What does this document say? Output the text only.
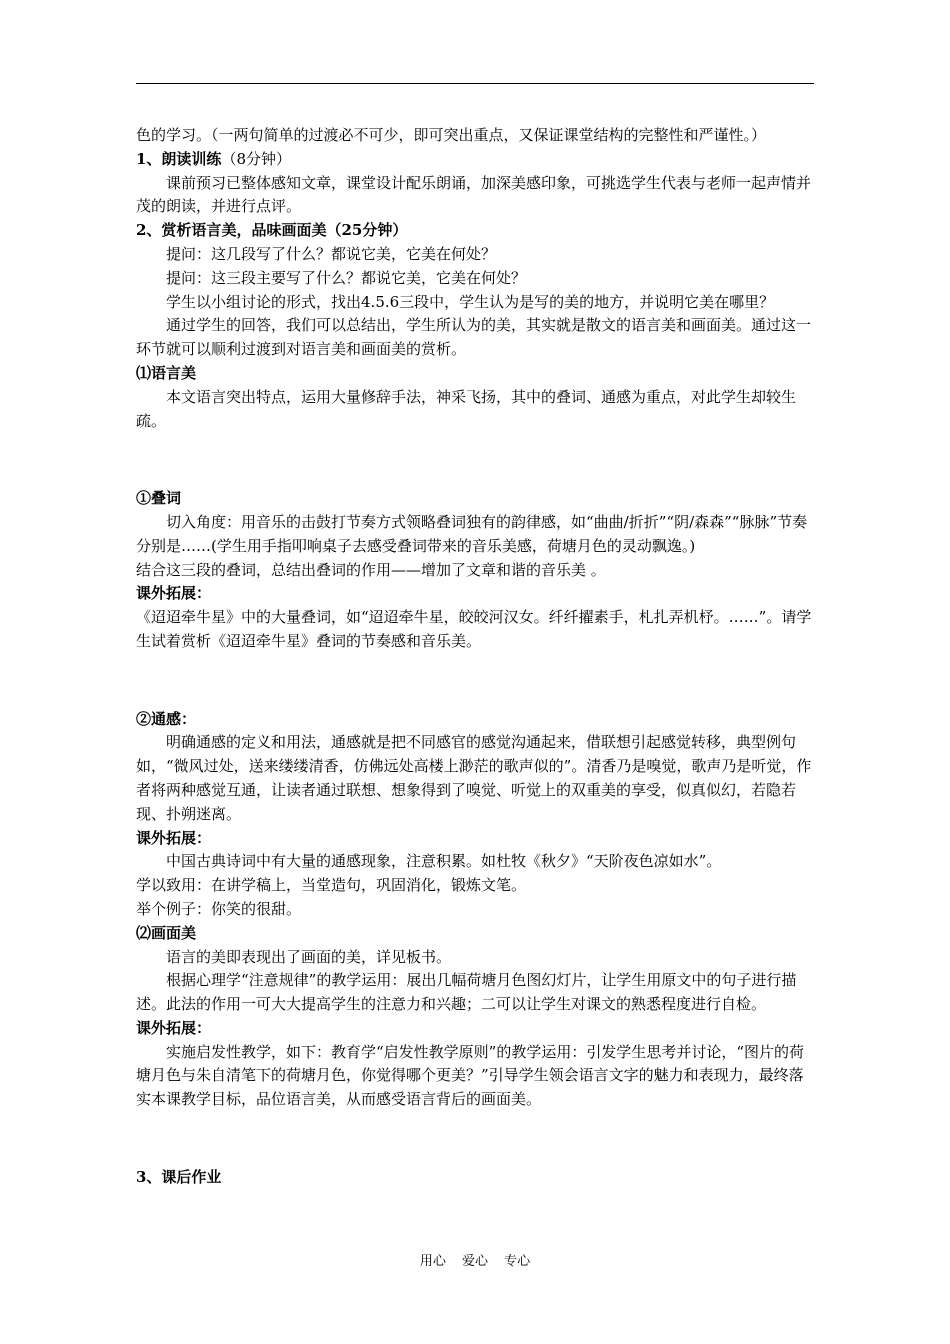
色的学习。（一两句简单的过渡必不可少，即可突出重点，又保证课堂结构的完整性和严谨性。）

1、朗读训练（8分钟）

课前预习已整体感知文章，课堂设计配乐朗诵，加深美感印象，可挑选学生代表与老师一起声情并茂的朗读，并进行点评。

2、赏析语言美，品味画面美（25分钟）

提问：这几段写了什么？都说它美，它美在何处？

提问：这三段主要写了什么？都说它美，它美在何处？

学生以小组讨论的形式，找出4.5.6三段中，学生认为是写的美的地方，并说明它美在哪里？

通过学生的回答，我们可以总结出，学生所认为的美，其实就是散文的语言美和画面美。通过这一环节就可以顺利过渡到对语言美和画面美的赏析。

⑴语言美

本文语言突出特点，运用大量修辞手法，神采飞扬，其中的叠词、通感为重点，对此学生却较生疏。

①叠词

切入角度：用音乐的击鼓打节奏方式领略叠词独有的韵律感，如“曲曲/折折”“阴/森森”“脉脉”节奏分别是……(学生用手指叩响桌子去感受叠词带来的音乐美感，荷塘月色的灵动飘逸。)

结合这三段的叠词，总结出叠词的作用——增加了文章和谐的音乐美 。

课外拓展：

《迢迢牵牛星》中的大量叠词，如“迢迢牵牛星，皎皎河汉女。纤纤擢素手，札扎弄机杼。……”。请学生试着赏析《迢迢牵牛星》叠词的节奏感和音乐美。

②通感：

明确通感的定义和用法，通感就是把不同感官的感觉沟通起来，借联想引起感觉转移，典型例句如，“微风过处，送来缕缕清香，仿佛远处高楼上渺茫的歌声似的”。清香乃是嗅觉，歌声乃是听觉，作者将两种感觉互通，让读者通过联想、想象得到了嗅觉、听觉上的双重美的享受，似真似幻，若隐若现、扑朔迷离。

课外拓展：

中国古典诗词中有大量的通感现象，注意积累。如杜牧《秋夕》“天阶夜色凉如水”。

学以致用：在讲学稿上，当堂造句，巩固消化，锻炼文笔。

举个例子：你笑的很甜。

⑵画面美

语言的美即表现出了画面的美，详见板书。

根据心理学“注意规律”的教学运用：展出几幅荷塘月色图幻灯片，让学生用原文中的句子进行描述。此法的作用一可大大提高学生的注意力和兴趣；二可以让学生对课文的熟悉程度进行自检。

课外拓展：

实施启发性教学，如下：教育学“启发性教学原则”的教学运用：引发学生思考并讨论，“图片的荷塘月色与朱自清笔下的荷塘月色，你觉得哪个更美？”引导学生领会语言文字的魅力和表现力，最终落实本课教学目标，品位语言美，从而感受语言背后的画面美。

3、课后作业

用心 爱心 专心
